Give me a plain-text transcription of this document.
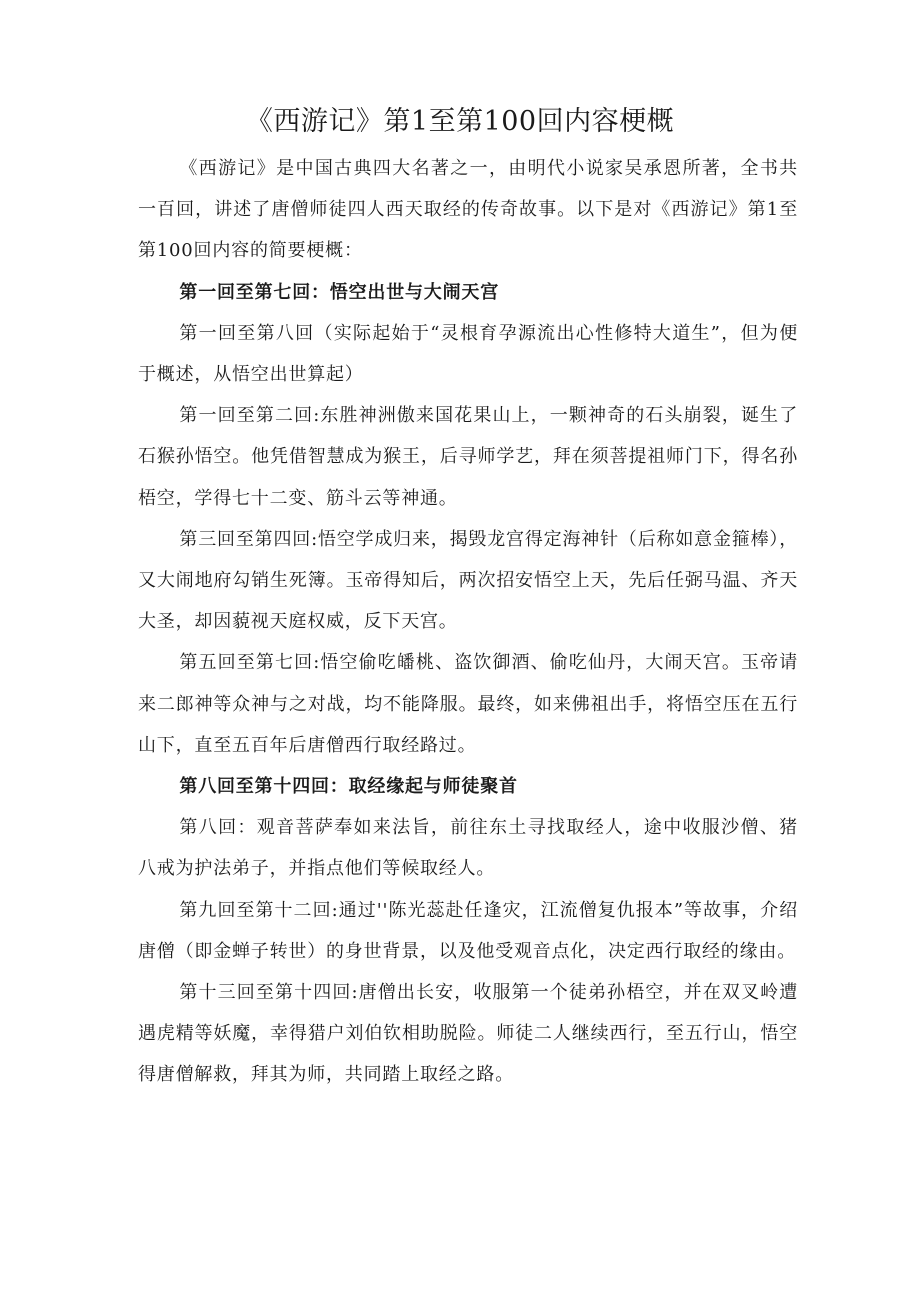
《西游记》第1至第100回内容梗概

《西游记》是中国古典四大名著之一，由明代小说家吴承恩所著，全书共一百回，讲述了唐僧师徒四人西天取经的传奇故事。以下是对《西游记》第1至第100回内容的简要梗概：

第一回至第七回：悟空出世与大闹天宫

第一回至第八回（实际起始于“灵根育孕源流出心性修特大道生”，但为便于概述，从悟空出世算起）

第一回至第二回:东胜神洲傲来国花果山上，一颗神奇的石头崩裂，诞生了石猴孙悟空。他凭借智慧成为猴王，后寻师学艺，拜在须菩提祖师门下，得名孙梧空，学得七十二变、筋斗云等神通。

第三回至第四回:悟空学成归来，揭毁龙宫得定海神针（后称如意金箍棒），又大闹地府勾销生死簿。玉帝得知后，两次招安悟空上天，先后任弼马温、齐天大圣，却因藐视天庭权威，反下天宫。

第五回至第七回:悟空偷吃皤桃、盗饮御酒、偷吃仙丹，大闹天宫。玉帝请来二郎神等众神与之对战，均不能降服。最终，如来佛祖出手，将悟空压在五行山下，直至五百年后唐僧西行取经路过。

第八回至第十四回：取经缘起与师徒聚首

第八回：观音菩萨奉如来法旨，前往东土寻找取经人，途中收服沙僧、猪八戒为护法弟子，并指点他们等候取经人。

第九回至第十二回:通过''陈光蕊赴任逢灾，江流僧复仇报本”等故事，介绍唐僧（即金蝉子转世）的身世背景，以及他受观音点化，决定西行取经的缘由。

第十三回至第十四回:唐僧出长安，收服第一个徒弟孙梧空，并在双叉岭遭遇虎精等妖魔，幸得猎户刘伯钦相助脱险。师徒二人继续西行，至五行山，悟空得唐僧解救，拜其为师，共同踏上取经之路。
